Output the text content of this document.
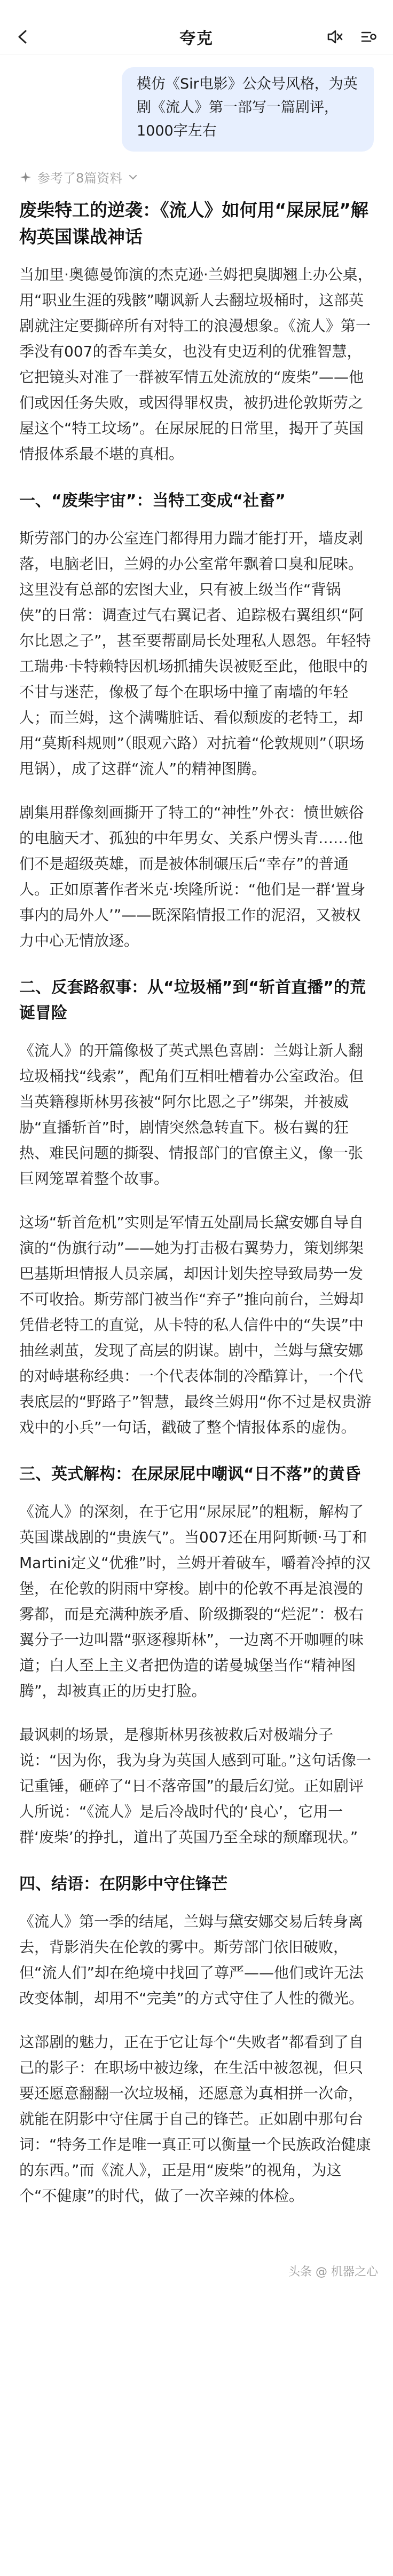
夸克
模仿《Sir电影》公众号风格，为英剧《流人》第一部写一篇剧评，1000字左右
参考了8篇资料
废柴特工的逆袭：《流人》如何用“屎尿屁”解构英国谍战神话

当加里·奥德曼饰演的杰克逊·兰姆把臭脚翘上办公桌，用“职业生涯的残骸”嘲讽新人去翻垃圾桶时，这部英剧就注定要撕碎所有对特工的浪漫想象。《流人》第一季没有007的香车美女，也没有史迈利的优雅智慧，它把镜头对准了一群被军情五处流放的“废柴”——他们或因任务失败，或因得罪权贵，被扔进伦敦斯劳之屋这个“特工坟场”。在尿尿屁的日常里，揭开了英国情报体系最不堪的真相。

一、“废柴宇宙”：当特工变成“社畜”

斯劳部门的办公室连门都得用力踹才能打开，墙皮剥落，电脑老旧，兰姆的办公室常年飘着口臭和屁味。这里没有总部的宏图大业，只有被上级当作“背锅侠”的日常：调查过气右翼记者、追踪极右翼组织“阿尔比恩之子”，甚至要帮副局长处理私人恩怨。年轻特工瑞弗·卡特赖特因机场抓捕失误被贬至此，他眼中的不甘与迷茫，像极了每个在职场中撞了南墙的年轻人；而兰姆，这个满嘴脏话、看似颓废的老特工，却用“莫斯科规则”（眼观六路）对抗着“伦敦规则”（职场甩锅），成了这群“流人”的精神图腾。

剧集用群像刻画撕开了特工的“神性”外衣：愤世嫉俗的电脑天才、孤独的中年男女、关系户愣头青……他们不是超级英雄，而是被体制碾压后“幸存”的普通人。正如原著作者米克·埃隆所说：“他们是一群‘置身事内的局外人’”——既深陷情报工作的泥沼，又被权力中心无情放逐。

二、反套路叙事：从“垃圾桶”到“斩首直播”的荒诞冒险

《流人》的开篇像极了英式黑色喜剧：兰姆让新人翻垃圾桶找“线索”，配角们互相吐槽着办公室政治。但当英籍穆斯林男孩被“阿尔比恩之子”绑架，并被威胁“直播斩首”时，剧情突然急转直下。极右翼的狂热、难民问题的撕裂、情报部门的官僚主义，像一张巨网笼罩着整个故事。

这场“斩首危机”实则是军情五处副局长黛安娜自导自演的“伪旗行动”——她为打击极右翼势力，策划绑架巴基斯坦情报人员亲属，却因计划失控导致局势一发不可收拾。斯劳部门被当作“弃子”推向前台，兰姆却凭借老特工的直觉，从卡特的私人信件中的“失误”中抽丝剥茧，发现了高层的阴谋。剧中，兰姆与黛安娜的对峙堪称经典：一个代表体制的冷酷算计，一个代表底层的“野路子”智慧，最终兰姆用“你不过是权贵游戏中的小兵”一句话，戳破了整个情报体系的虚伪。

三、英式解构：在尿尿屁中嘲讽“日不落”的黄昏

《流人》的深刻，在于它用“尿尿屁”的粗粝，解构了英国谍战剧的“贵族气”。当007还在用阿斯顿·马丁和Martini定义“优雅”时，兰姆开着破车，嚼着冷掉的汉堡，在伦敦的阴雨中穿梭。剧中的伦敦不再是浪漫的雾都，而是充满种族矛盾、阶级撕裂的“烂泥”：极右翼分子一边叫嚣“驱逐穆斯林”，一边离不开咖喱的味道；白人至上主义者把伪造的诺曼城堡当作“精神图腾”，却被真正的历史打脸。

最讽刺的场景，是穆斯林男孩被救后对极端分子说：“因为你，我为身为英国人感到可耻。”这句话像一记重锤，砸碎了“日不落帝国”的最后幻觉。正如剧评人所说：“《流人》是后冷战时代的‘良心’，它用一群‘废柴’的挣扎，道出了英国乃至全球的颓靡现状。”

四、结语：在阴影中守住锋芒

《流人》第一季的结尾，兰姆与黛安娜交易后转身离去，背影消失在伦敦的雾中。斯劳部门依旧破败，但“流人们”却在绝境中找回了尊严——他们或许无法改变体制，却用不“完美”的方式守住了人性的微光。

这部剧的魅力，正在于它让每个“失败者”都看到了自己的影子：在职场中被边缘，在生活中被忽视，但只要还愿意翻翻一次垃圾桶，还愿意为真相拼一次命，就能在阴影中守住属于自己的锋芒。正如剧中那句台词：“特务工作是唯一真正可以衡量一个民族政治健康的东西。”而《流人》，正是用“废柴”的视角，为这个“不健康”的时代，做了一次辛辣的体检。

头条 @ 机器之心
